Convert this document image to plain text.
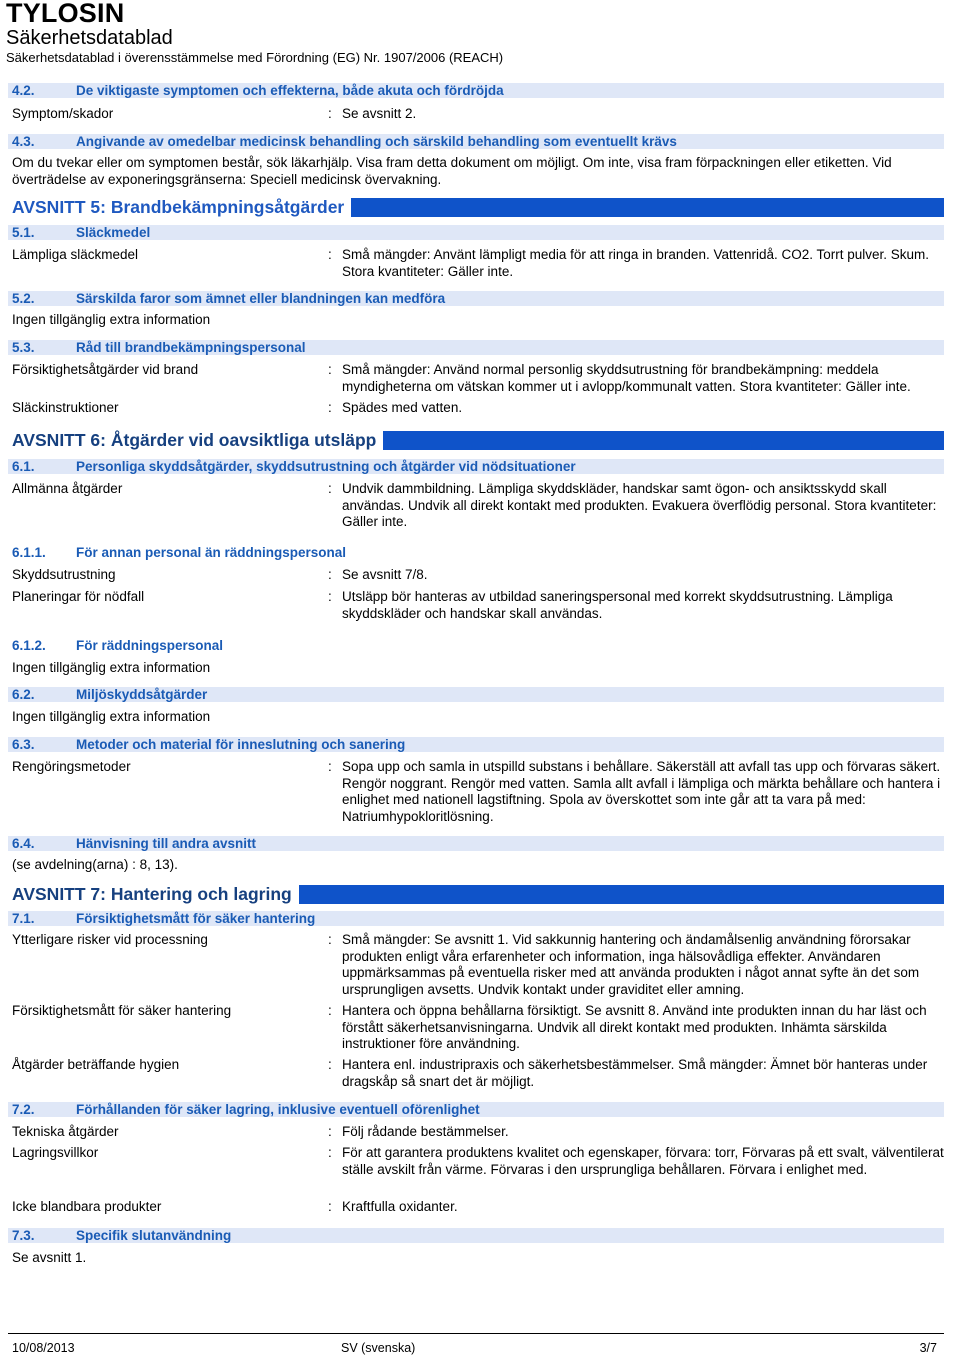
TYLOSIN
Säkerhetsdatablad
Säkerhetsdatablad i överensstämmelse med Förordning (EG) Nr. 1907/2006 (REACH)
4.2.	De viktigaste symptomen och effekterna, både akuta och fördröjda
Symptom/skador	: Se avsnitt 2.
4.3.	Angivande av omedelbar medicinsk behandling och särskild behandling som eventuellt krävs
Om du tvekar eller om symptomen består, sök läkarhjälp. Visa fram detta dokument om möjligt. Om inte, visa fram förpackningen eller etiketten. Vid överträdelse av exponeringsgränserna: Speciell medicinsk övervakning.
AVSNITT 5: Brandbekämpningsåtgärder
5.1.	Släckmedel
Lämpliga släckmedel	: Små mängder: Använt lämpligt media för att ringa in branden. Vattenridå. CO2. Torrt pulver. Skum. Stora kvantiteter: Gäller inte.
5.2.	Särskilda faror som ämnet eller blandningen kan medföra
Ingen tillgänglig extra information
5.3.	Råd till brandbekämpningspersonal
Försiktighetsåtgärder vid brand	: Små mängder: Använd normal personlig skyddsutrustning för brandbekämpning: meddela myndigheterna om vätskan kommer ut i avlopp/kommunalt vatten. Stora kvantiteter: Gäller inte.
Släckinstruktioner	: Spädes med vatten.
AVSNITT 6: Åtgärder vid oavsiktliga utsläpp
6.1.	Personliga skyddsåtgärder, skyddsutrustning och åtgärder vid nödsituationer
Allmänna åtgärder	: Undvik dammbildning. Lämpliga skyddskläder, handskar samt ögon- och ansiktsskydd skall användas. Undvik all direkt kontakt med produkten. Evakuera överflödig personal. Stora kvantiteter: Gäller inte.
6.1.1. För annan personal än räddningspersonal
Skyddsutrustning	: Se avsnitt 7/8.
Planeringar för nödfall	: Utsläpp bör hanteras av utbildad saneringspersonal med korrekt skyddsutrustning. Lämpliga skyddskläder och handskar skall användas.
6.1.2. För räddningspersonal
Ingen tillgänglig extra information
6.2.	Miljöskyddsåtgärder
Ingen tillgänglig extra information
6.3.	Metoder och material för inneslutning och sanering
Rengöringsmetoder	: Sopa upp och samla in utspilld substans i behållare. Säkerställ att avfall tas upp och förvaras säkert. Rengör noggrant. Rengör med vatten. Samla allt avfall i lämpliga och märkta behållare och hantera i enlighet med nationell lagstiftning. Spola av överskottet som inte går att ta vara på med: Natriumhypokloritlösning.
6.4.	Hänvisning till andra avsnitt
(se avdelning(arna) : 8, 13).
AVSNITT 7: Hantering och lagring
7.1.	Försiktighetsmått för säker hantering
Ytterligare risker vid processning	: Små mängder: Se avsnitt 1. Vid sakkunnig hantering och ändamålsenlig användning förorsakar produkten enligt våra erfarenheter och information, inga hälsovådliga effekter. Användaren uppmärksammas på eventuella risker med att använda produkten i något annat syfte än det som ursprungligen avsetts. Undvik kontakt under graviditet eller amning.
Försiktighetsmått för säker hantering	: Hantera och öppna behållarna försiktigt. Se avsnitt 8. Använd inte produkten innan du har läst och förstått säkerhetsanvisningarna. Undvik all direkt kontakt med produkten. Inhämta särskilda instruktioner före användning.
Åtgärder beträffande hygien	: Hantera enl. industripraxis och säkerhetsbestämmelser. Små mängder: Ämnet bör hanteras under dragskåp så snart det är möjligt.
7.2.	Förhållanden för säker lagring, inklusive eventuell oförenlighet
Tekniska åtgärder	: Följ rådande bestämmelser.
Lagringsvillkor	: För att garantera produktens kvalitet och egenskaper, förvara: torr, Förvaras på ett svalt, välventilerat ställe avskilt från värme. Förvaras i den ursprungliga behållaren. Förvara i enlighet med.
Icke blandbara produkter	: Kraftfulla oxidanter.
7.3.	Specifik slutanvändning
Se avsnitt 1.
10/08/2013	SV (svenska)	3/7
